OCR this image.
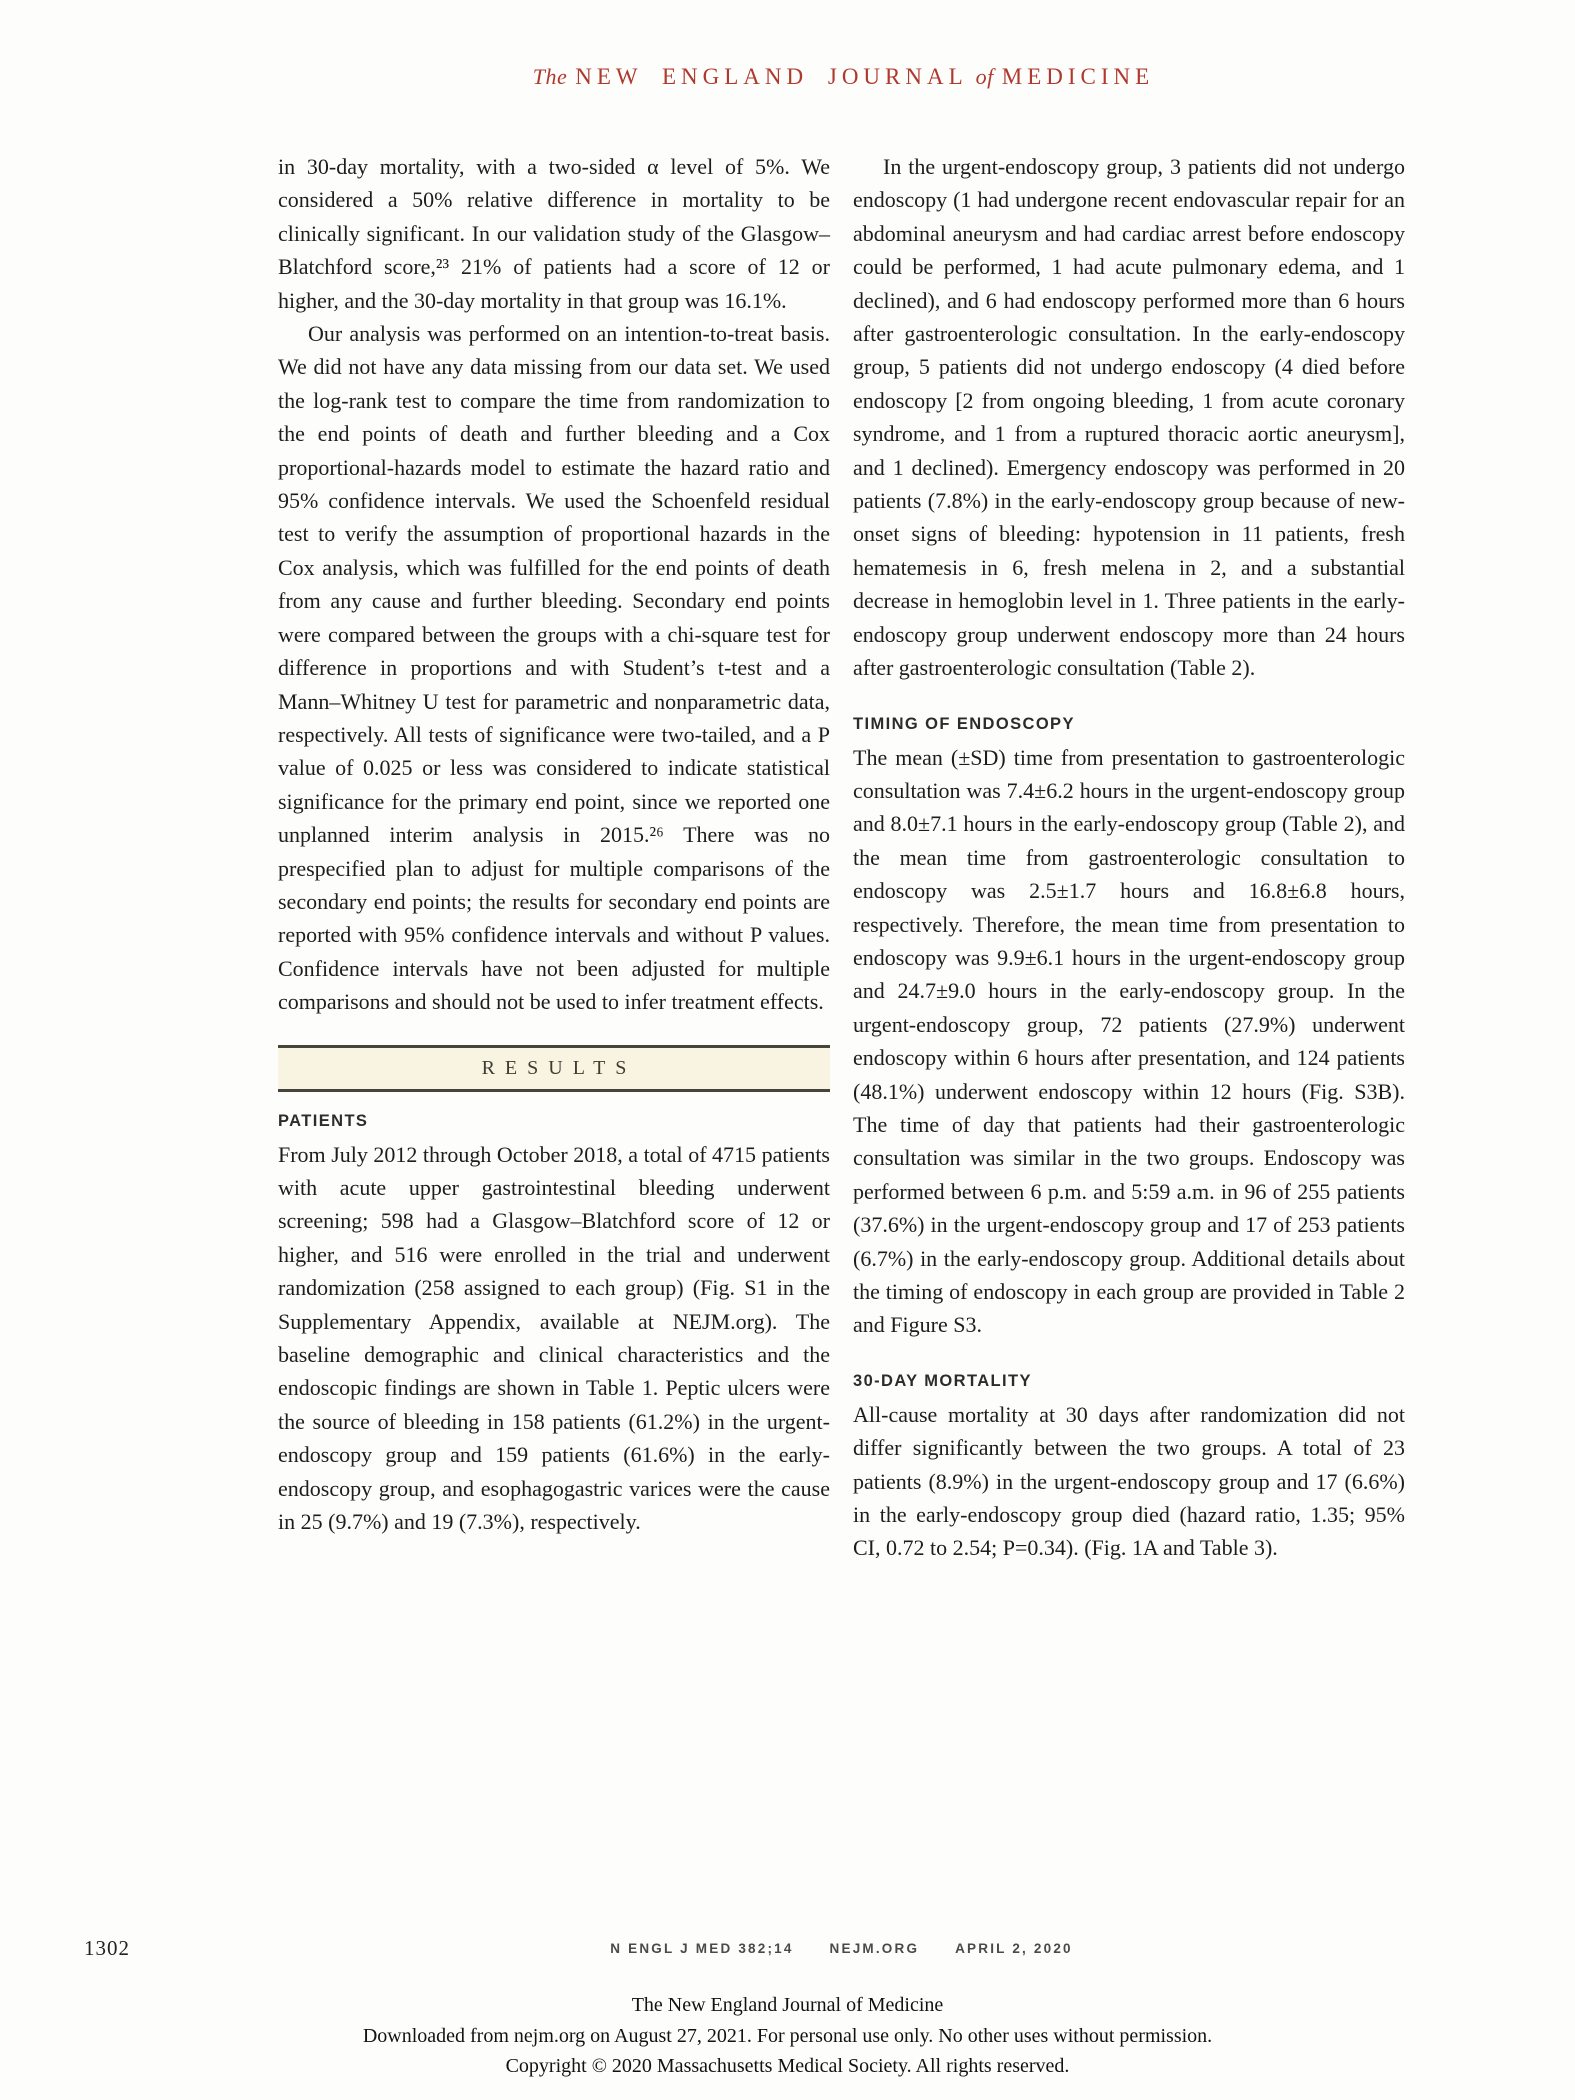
The NEW ENGLAND JOURNAL of MEDICINE

in 30-day mortality, with a two-sided α level of 5%. We considered a 50% relative difference in mortality to be clinically significant. In our validation study of the Glasgow–Blatchford score,²³ 21% of patients had a score of 12 or higher, and the 30-day mortality in that group was 16.1%.

Our analysis was performed on an intention-to-treat basis. We did not have any data missing from our data set. We used the log-rank test to compare the time from randomization to the end points of death and further bleeding and a Cox proportional-hazards model to estimate the hazard ratio and 95% confidence intervals. We used the Schoenfeld residual test to verify the assumption of proportional hazards in the Cox analysis, which was fulfilled for the end points of death from any cause and further bleeding. Secondary end points were compared between the groups with a chi-square test for difference in proportions and with Student’s t-test and a Mann–Whitney U test for parametric and nonparametric data, respectively. All tests of significance were two-tailed, and a P value of 0.025 or less was considered to indicate statistical significance for the primary end point, since we reported one unplanned interim analysis in 2015.²⁶ There was no prespecified plan to adjust for multiple comparisons of the secondary end points; the results for secondary end points are reported with 95% confidence intervals and without P values. Confidence intervals have not been adjusted for multiple comparisons and should not be used to infer treatment effects.

RESULTS
PATIENTS

From July 2012 through October 2018, a total of 4715 patients with acute upper gastrointestinal bleeding underwent screening; 598 had a Glasgow–Blatchford score of 12 or higher, and 516 were enrolled in the trial and underwent randomization (258 assigned to each group) (Fig. S1 in the Supplementary Appendix, available at NEJM.org). The baseline demographic and clinical characteristics and the endoscopic findings are shown in Table 1. Peptic ulcers were the source of bleeding in 158 patients (61.2%) in the urgent-endoscopy group and 159 patients (61.6%) in the early-endoscopy group, and esophagogastric varices were the cause in 25 (9.7%) and 19 (7.3%), respectively.

In the urgent-endoscopy group, 3 patients did not undergo endoscopy (1 had undergone recent endovascular repair for an abdominal aneurysm and had cardiac arrest before endoscopy could be performed, 1 had acute pulmonary edema, and 1 declined), and 6 had endoscopy performed more than 6 hours after gastroenterologic consultation. In the early-endoscopy group, 5 patients did not undergo endoscopy (4 died before endoscopy [2 from ongoing bleeding, 1 from acute coronary syndrome, and 1 from a ruptured thoracic aortic aneurysm], and 1 declined). Emergency endoscopy was performed in 20 patients (7.8%) in the early-endoscopy group because of new-onset signs of bleeding: hypotension in 11 patients, fresh hematemesis in 6, fresh melena in 2, and a substantial decrease in hemoglobin level in 1. Three patients in the early-endoscopy group underwent endoscopy more than 24 hours after gastroenterologic consultation (Table 2).

TIMING OF ENDOSCOPY

The mean (±SD) time from presentation to gastroenterologic consultation was 7.4±6.2 hours in the urgent-endoscopy group and 8.0±7.1 hours in the early-endoscopy group (Table 2), and the mean time from gastroenterologic consultation to endoscopy was 2.5±1.7 hours and 16.8±6.8 hours, respectively. Therefore, the mean time from presentation to endoscopy was 9.9±6.1 hours in the urgent-endoscopy group and 24.7±9.0 hours in the early-endoscopy group. In the urgent-endoscopy group, 72 patients (27.9%) underwent endoscopy within 6 hours after presentation, and 124 patients (48.1%) underwent endoscopy within 12 hours (Fig. S3B). The time of day that patients had their gastroenterologic consultation was similar in the two groups. Endoscopy was performed between 6 p.m. and 5:59 a.m. in 96 of 255 patients (37.6%) in the urgent-endoscopy group and 17 of 253 patients (6.7%) in the early-endoscopy group. Additional details about the timing of endoscopy in each group are provided in Table 2 and Figure S3.

30-DAY MORTALITY

All-cause mortality at 30 days after randomization did not differ significantly between the two groups. A total of 23 patients (8.9%) in the urgent-endoscopy group and 17 (6.6%) in the early-endoscopy group died (hazard ratio, 1.35; 95% CI, 0.72 to 2.54; P=0.34). (Fig. 1A and Table 3).

1302	N ENGL J MED 382;14	NEJM.ORG	APRIL 2, 2020
The New England Journal of Medicine
Downloaded from nejm.org on August 27, 2021. For personal use only. No other uses without permission.
Copyright © 2020 Massachusetts Medical Society. All rights reserved.
